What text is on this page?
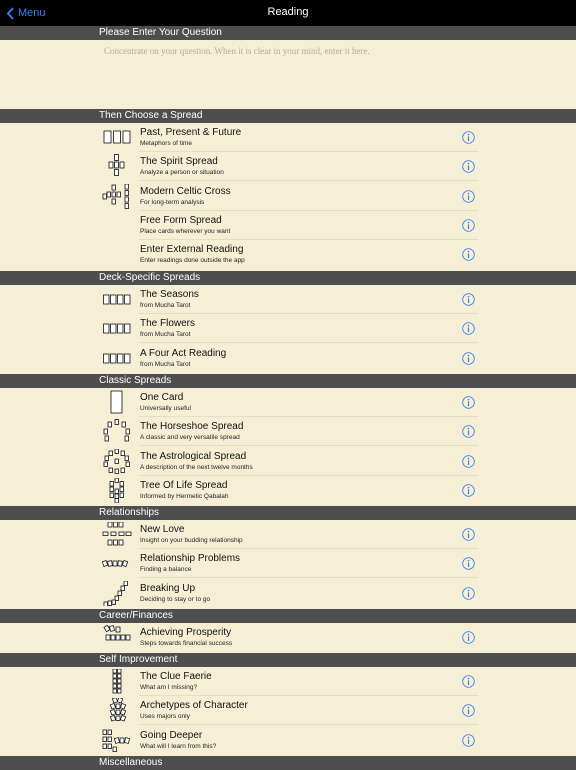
Menu	Reading
Please Enter Your Question
Concentrate on your question. When it is clear in your mind, enter it here.
Then Choose a Spread
Past, Present & Future
Metaphors of time
The Spirit Spread
Analyze a person or situation
Modern Celtic Cross
For long-term analysis
Free Form Spread
Place cards wherever you want
Enter External Reading
Enter readings done outside the app
Deck-Specific Spreads
The Seasons
from Mucha Tarot
The Flowers
from Mucha Tarot
A Four Act Reading
from Mucha Tarot
Classic Spreads
One Card
Universally useful
The Horseshoe Spread
A classic and very versatile spread
The Astrological Spread
A description of the next twelve months
Tree Of Life Spread
Informed by Hermetic Qabalah
Relationships
New Love
Insight on your budding relationship
Relationship Problems
Finding a balance
Breaking Up
Deciding to stay or to go
Career/Finances
Achieving Prosperity
Steps towards financial success
Self Improvement
The Clue Faerie
What am I missing?
Archetypes of Character
Uses majors only
Going Deeper
What will I learn from this?
Miscellaneous
